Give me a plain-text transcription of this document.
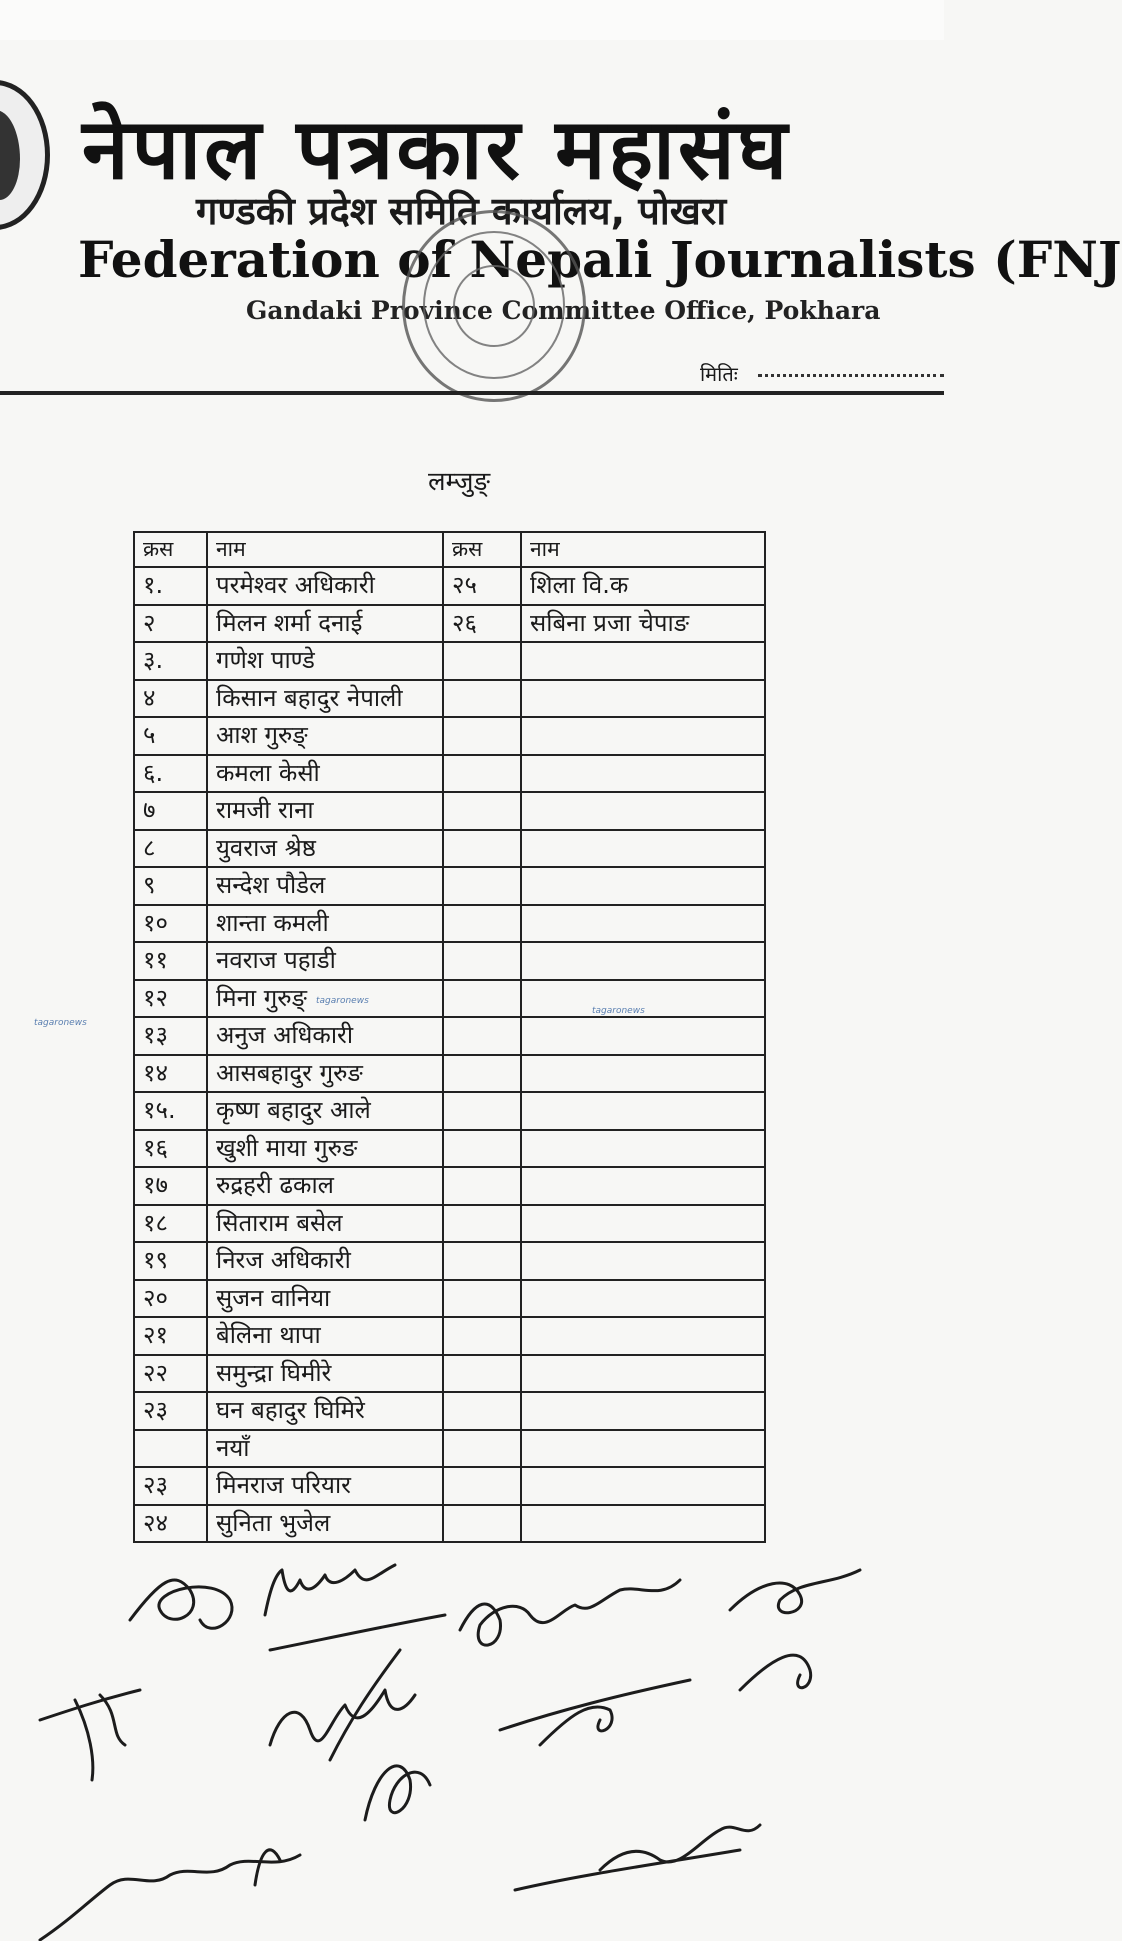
नेपाल पत्रकार महासंघ
गण्डकी प्रदेश समिति कार्यालय, पोखरा
Federation of Nepali Journalists (FNJ
Gandaki Province Committee Office, Pokhara
मितिः
लम्जुङ्
क्रस	नाम	क्रस	नाम
१.	परमेश्वर अधिकारी	२५	शिला वि.क
२	मिलन शर्मा दनाई	२६	सबिना प्रजा चेपाङ
३.	गणेश पाण्डे		
४	किसान बहादुर नेपाली		
५	आश गुरुङ्		
६.	कमला केसी		
७	रामजी राना		
८	युवराज श्रेष्ठ		
९	सन्देश पौडेल		
१०	शान्ता कमली		
११	नवराज पहाडी		
१२	मिना गुरुङ्		
१३	अनुज अधिकारी		
१४	आसबहादुर गुरुङ		
१५.	कृष्ण बहादुर आले		
१६	खुशी माया गुरुङ		
१७	रुद्रहरी ढकाल		
१८	सिताराम बसेल		
१९	निरज अधिकारी		
२०	सुजन वानिया		
२१	बेलिना थापा		
२२	समुन्द्रा घिमीरे		
२३	घन बहादुर घिमिरे		
	नयाँ		
२३	मिनराज परियार		
२४	सुनिता भुजेल		
tagaronews
tagaronews
tagaronews
